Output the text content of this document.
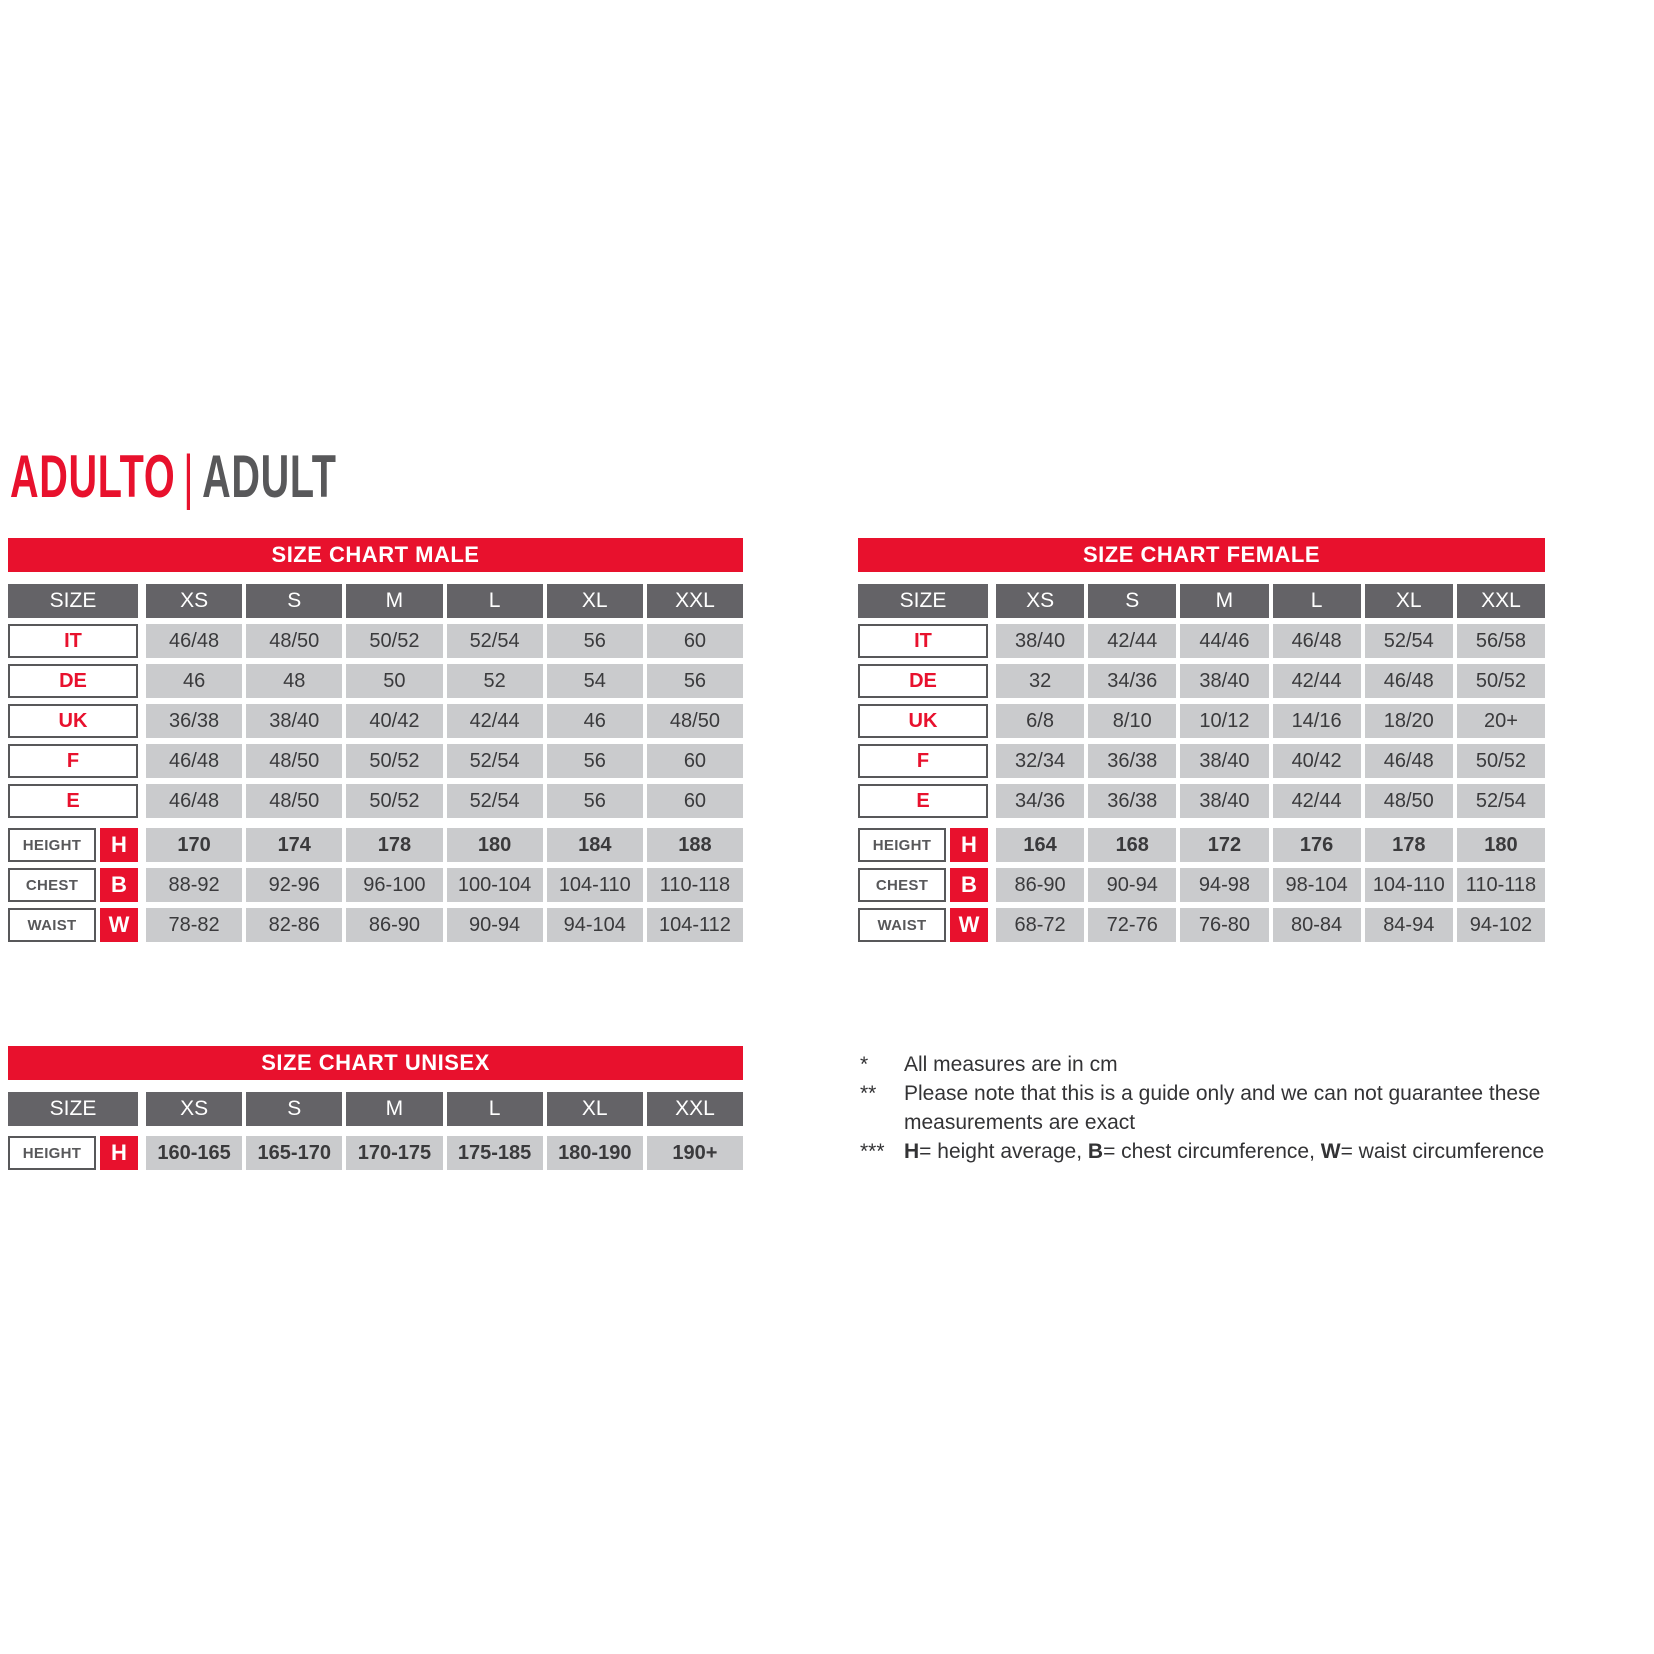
ADULTO | ADULT
SIZE CHART MALE
SIZE	XS	S	M	L	XL	XXL
IT	46/48	48/50	50/52	52/54	56	60
DE	46	48	50	52	54	56
UK	36/38	38/40	40/42	42/44	46	48/50
F	46/48	48/50	50/52	52/54	56	60
E	46/48	48/50	50/52	52/54	56	60
HEIGHT	H	170	174	178	180	184	188
CHEST	B	88-92	92-96	96-100	100-104	104-110	110-118
WAIST	W	78-82	82-86	86-90	90-94	94-104	104-112
SIZE CHART FEMALE
SIZE	XS	S	M	L	XL	XXL
IT	38/40	42/44	44/46	46/48	52/54	56/58
DE	32	34/36	38/40	42/44	46/48	50/52
UK	6/8	8/10	10/12	14/16	18/20	20+
F	32/34	36/38	38/40	40/42	46/48	50/52
E	34/36	36/38	38/40	42/44	48/50	52/54
HEIGHT	H	164	168	172	176	178	180
CHEST	B	86-90	90-94	94-98	98-104	104-110	110-118
WAIST	W	68-72	72-76	76-80	80-84	84-94	94-102
SIZE CHART UNISEX
SIZE	XS	S	M	L	XL	XXL
HEIGHT	H	160-165	165-170	170-175	175-185	180-190	190+
*	All measures are in cm
**	Please note that this is a guide only and we can not guarantee these measurements are exact
*** H= height average, B= chest circumference, W= waist circumference
